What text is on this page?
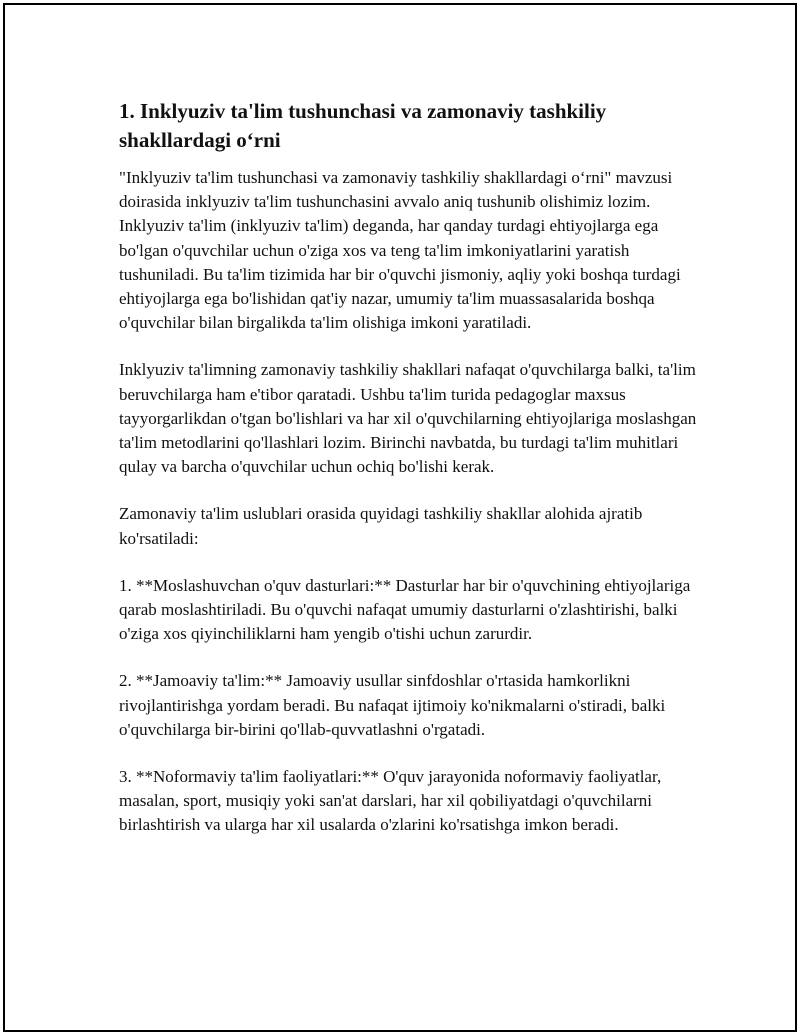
1. Inklyuziv ta'lim tushunchasi va zamonaviy tashkiliy shakllardagi o‘rni

"Inklyuziv ta'lim tushunchasi va zamonaviy tashkiliy shakllardagi o‘rni" mavzusi doirasida inklyuziv ta'lim tushunchasini avvalo aniq tushunib olishimiz lozim. Inklyuziv ta'lim (inklyuziv ta'lim) deganda, har qanday turdagi ehtiyojlarga ega bo'lgan o'quvchilar uchun o'ziga xos va teng ta'lim imkoniyatlarini yaratish tushuniladi. Bu ta'lim tizimida har bir o'quvchi jismoniy, aqliy yoki boshqa turdagi ehtiyojlarga ega bo'lishidan qat'iy nazar, umumiy ta'lim muassasalarida boshqa o'quvchilar bilan birgalikda ta'lim olishiga imkoni yaratiladi.

Inklyuziv ta'limning zamonaviy tashkiliy shakllari nafaqat o'quvchilarga balki, ta'lim beruvchilarga ham e'tibor qaratadi. Ushbu ta'lim turida pedagoglar maxsus tayyorgarlikdan o'tgan bo'lishlari va har xil o'quvchilarning ehtiyojlariga moslashgan ta'lim metodlarini qo'llashlari lozim. Birinchi navbatda, bu turdagi ta'lim muhitlari qulay va barcha o'quvchilar uchun ochiq bo'lishi kerak.

Zamonaviy ta'lim uslublari orasida quyidagi tashkiliy shakllar alohida ajratib ko'rsatiladi:

1. **Moslashuvchan o'quv dasturlari:** Dasturlar har bir o'quvchining ehtiyojlariga qarab moslashtiriladi. Bu o'quvchi nafaqat umumiy dasturlarni o'zlashtirishi, balki o'ziga xos qiyinchiliklarni ham yengib o'tishi uchun zarurdir.

2. **Jamoaviy ta'lim:** Jamoaviy usullar sinfdoshlar o'rtasida hamkorlikni rivojlantirishga yordam beradi. Bu nafaqat ijtimoiy ko'nikmalarni o'stiradi, balki o'quvchilarga bir-birini qo'llab-quvvatlashni o'rgatadi.

3. **Noformaviy ta'lim faoliyatlari:** O'quv jarayonida noformaviy faoliyatlar, masalan, sport, musiqiy yoki san'at darslari, har xil qobiliyatdagi o'quvchilarni birlashtirish va ularga har xil usalarda o'zlarini ko'rsatishga imkon beradi.
